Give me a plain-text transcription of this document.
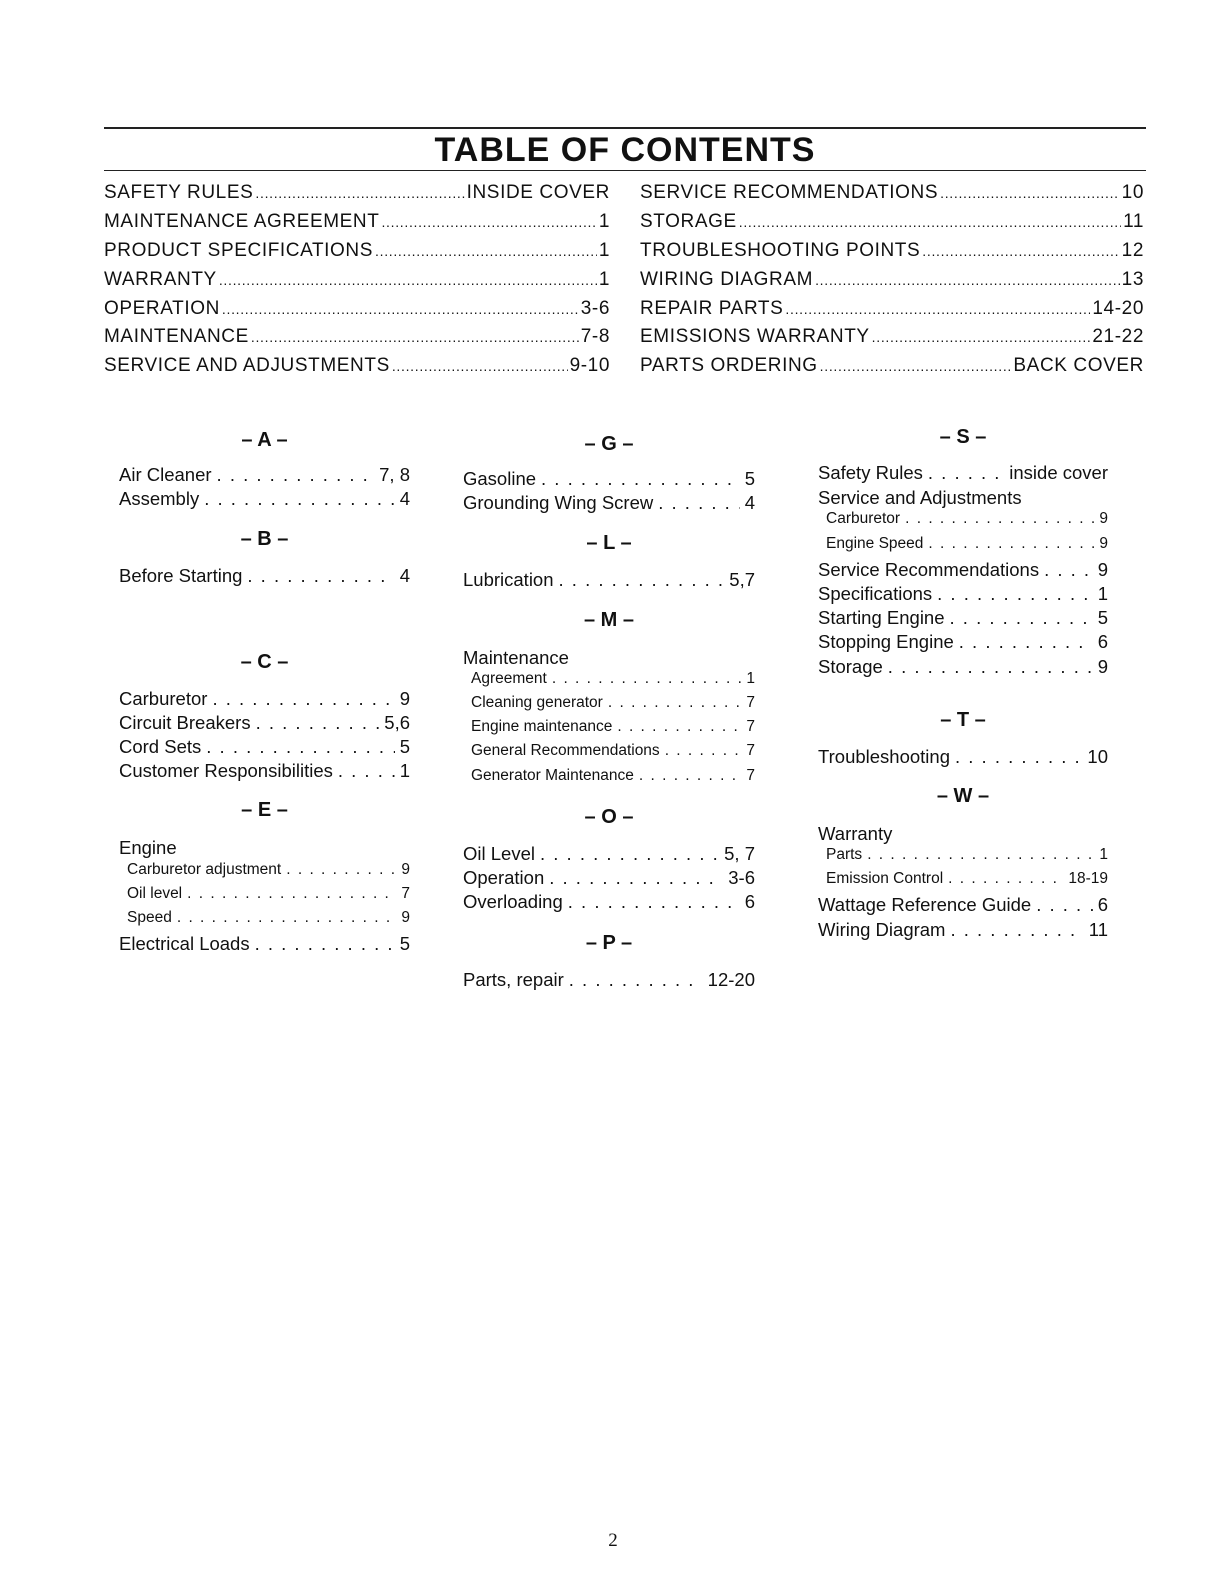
TABLE OF CONTENTS
SAFETY RULES . . .	INSIDE COVER
MAINTENANCE AGREEMENT . . .	1
PRODUCT SPECIFICATIONS . . .	1
WARRANTY . . .	1
OPERATION . . .	3-6
MAINTENANCE . . .	7-8
SERVICE AND ADJUSTMENTS . . .	9-10
SERVICE RECOMMENDATIONS . . .	10
STORAGE . . .	11
TROUBLESHOOTING POINTS . . .	12
WIRING DIAGRAM . . .	13
REPAIR PARTS . . .	14-20
EMISSIONS WARRANTY . . .	21-22
PARTS ORDERING . . .	BACK COVER
– A –
Air Cleaner . . .	7, 8
Assembly . . .	4
– B –
Before Starting . . .	4
– C –
Carburetor . . .	9
Circuit Breakers . . .	5,6
Cord Sets . . .	5
Customer Responsibilities . . .	1
– E –
Engine
Carburetor adjustment . . .	9
Oil level . . .	7
Speed . . .	9
Electrical Loads . . .	5
– G –
Gasoline . . .	5
Grounding Wing Screw . . .	4
– L –
Lubrication . . .	5,7
– M –
Maintenance
Agreement . . .	1
Cleaning generator . . .	7
Engine maintenance . . .	7
General Recommendations . . .	7
Generator Maintenance . . .	7
– O –
Oil Level . . .	5, 7
Operation . . .	3-6
Overloading . . .	6
– P –
Parts, repair . . .	12-20
– S –
Safety Rules . . .	inside cover
Service and Adjustments
Carburetor . . .	9
Engine Speed . . .	9
Service Recommendations . . .	9
Specifications . . .	1
Starting Engine . . .	5
Stopping Engine . . .	6
Storage . . .	9
– T –
Troubleshooting . . .	10
– W –
Warranty
Parts . . .	1
Emission Control . . .	18-19
Wattage Reference Guide . . .	6
Wiring Diagram . . .	11
2
